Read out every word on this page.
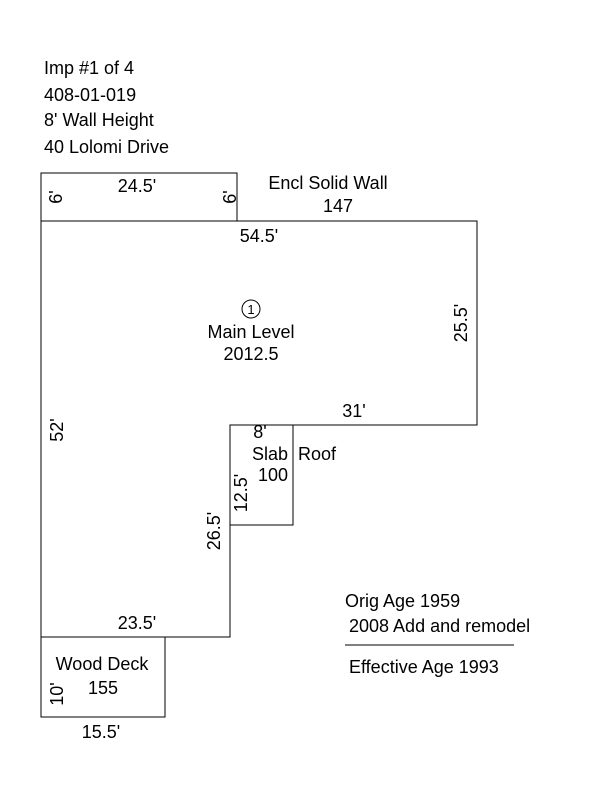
Imp #1 of 4
408-01-019
8' Wall Height
40 Lolomi Drive
24.5'
6'	6'
Encl Solid Wall
147
54.5'
25.5'
52'
31'
26.5'
23.5'
1
Main Level
2012.5
8'
12.5'
Slab Roof
100
Wood Deck
155
10'
15.5'
Orig Age 1959
2008 Add and remodel
Effective Age 1993
